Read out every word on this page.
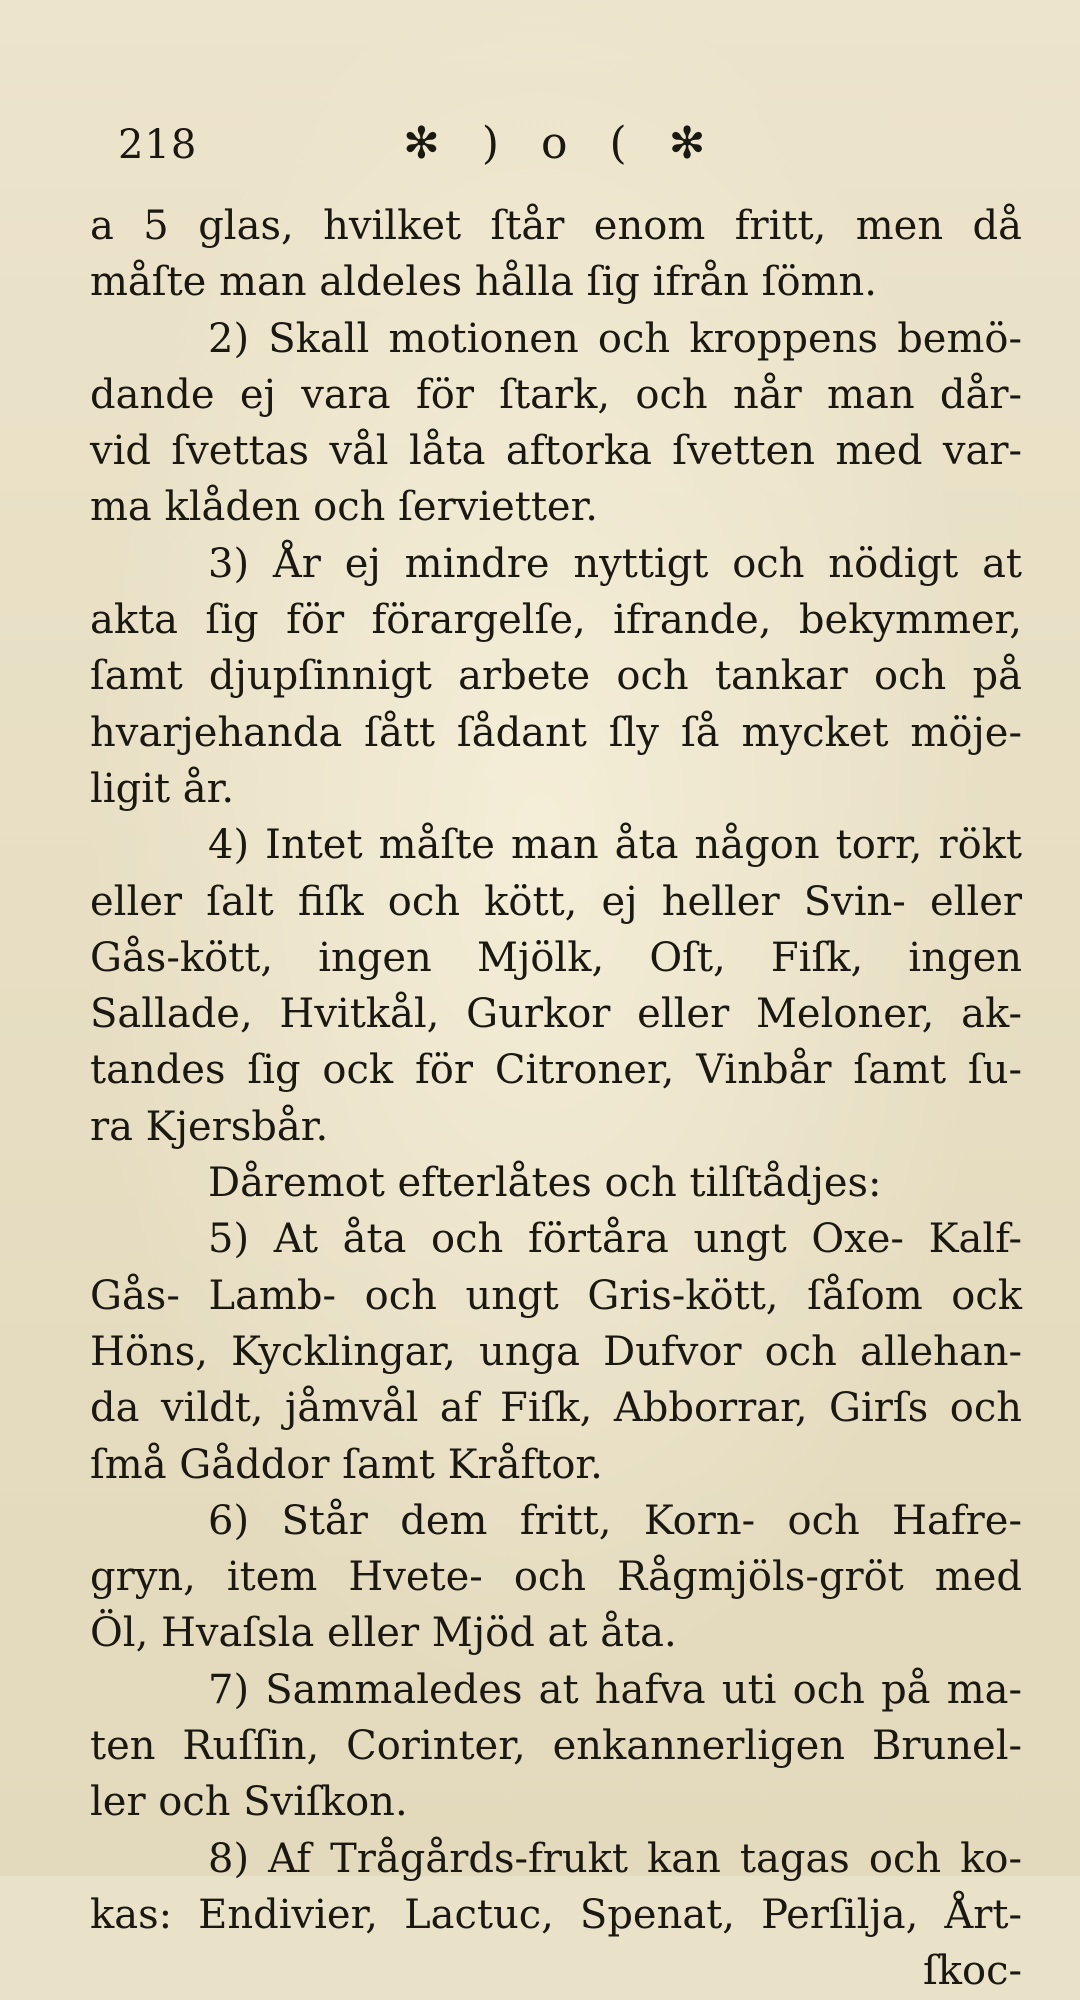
218	✻ ) o ( ✻
a 5 glas, hvilket ſtår enom fritt, men då
måſte man aldeles hålla ſig ifrån ſömn.
2) Skall motionen och kroppens bemö-
dande ej vara för ſtark, och når man dår-
vid ſvettas vål låta aftorka ſvetten med var-
ma klåden och ſervietter.
3) År ej mindre nyttigt och nödigt at
akta ſig för förargelſe, ifrande, bekymmer,
ſamt djupſinnigt arbete och tankar och på
hvarjehanda ſått ſådant ſly ſå mycket möje-
ligit år.
4) Intet måſte man åta någon torr, rökt
eller ſalt fiſk och kött, ej heller Svin- eller
Gås-kött, ingen Mjölk, Oſt, Fiſk, ingen
Sallade, Hvitkål, Gurkor eller Meloner, ak-
tandes ſig ock för Citroner, Vinbår ſamt ſu-
ra Kjersbår.
Dåremot efterlåtes och tilſtådjes:
5) At åta och förtåra ungt Oxe- Kalf-
Gås- Lamb- och ungt Gris-kött, ſåſom ock
Höns, Kycklingar, unga Dufvor och allehan-
da vildt, jåmvål af Fiſk, Abborrar, Girſs och
ſmå Gåddor ſamt Kråftor.
6) Står dem fritt, Korn- och Hafre-
gryn, item Hvete- och Rågmjöls-gröt med
Öl, Hvaſsla eller Mjöd at åta.
7) Sammaledes at hafva uti och på ma-
ten Ruſſin, Corinter, enkannerligen Brunel-
ler och Sviſkon.
8) Af Trågårds-frukt kan tagas och ko-
kas: Endivier, Lactuc, Spenat, Perſilja, Årt-
ſkoc-
